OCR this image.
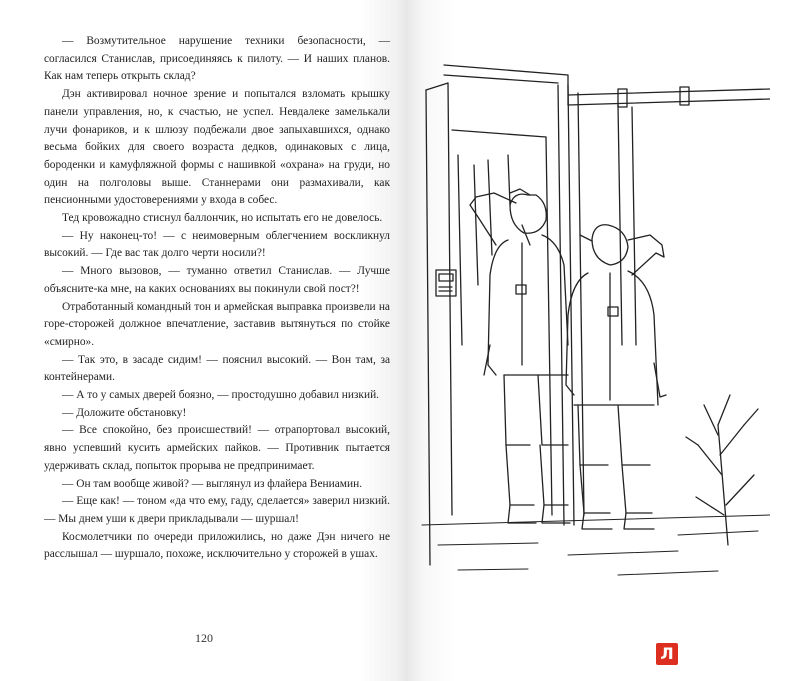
— Возмутительное нарушение техники безопасности, — согласился Станислав, присоединяясь к пилоту. — И наших планов. Как нам теперь открыть склад?

Дэн активировал ночное зрение и попытался взломать крышку панели управления, но, к счастью, не успел. Невдалеке замелькали лучи фонариков, и к шлюзу подбежали двое запыхавшихся, однако весьма бойких для своего возраста дедков, одинаковых с лица, бороденки и камуфляжной формы с нашивкой «охрана» на груди, но один на полголовы выше. Станнерами они размахивали, как пенсионными удостоверениями у входа в собес.

Тед кровожадно стиснул баллончик, но испытать его не довелось.

— Ну наконец-то! — с неимоверным облегчением воскликнул высокий. — Где вас так долго черти носили?!

— Много вызовов, — туманно ответил Станислав. — Лучше объясните-ка мне, на каких основаниях вы покинули свой пост?!

Отработанный командный тон и армейская выправка произвели на горе-сторожей должное впечатление, заставив вытянуться по стойке «смирно».

— Так это, в засаде сидим! — пояснил высокий. — Вон там, за контейнерами.

— А то у самых дверей боязно, — простодушно добавил низкий.

— Доложите обстановку!

— Все спокойно, без происшествий! — отрапортовал высокий, явно успевший кусить армейских пайков. — Противник пытается удерживать склад, попыток прорыва не предпринимает.

— Он там вообще живой? — выглянул из флайера Вениамин.

— Еще как! — тоном «да что ему, гаду, сделается» заверил низкий. — Мы днем уши к двери прикладывали — шуршал!

Космолетчики по очереди приложились, но даже Дэн ничего не расслышал — шуршало, похоже, исключительно у сторожей в ушах.

120
Л
